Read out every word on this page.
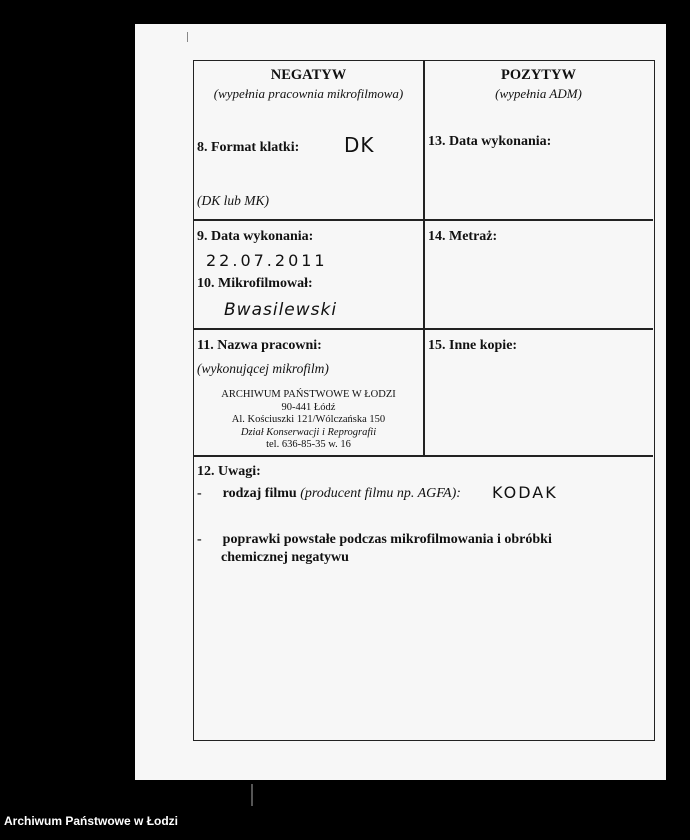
NEGATYW
(wypełnia pracownia mikrofilmowa)
8. Format klatki: DK
(DK lub MK)
POZYTYW
(wypełnia ADM)
13. Data wykonania:
9. Data wykonania:
22.07.2011
10. Mikrofilmował:
Bwasilewski
14. Metraż:
11. Nazwa pracowni:
(wykonującej mikrofilm)
ARCHIWUM PAŃSTWOWE W ŁODZI
90-441 Łódź
Al. Kościuszki 121/Wólczańska 150
Dział Konserwacji i Reprografii
tel. 636-85-35 w. 16
15. Inne kopie:
12. Uwagi:
- rodzaj filmu (producent filmu np. AGFA): KODAK
- poprawki powstałe podczas mikrofilmowania i obróbki
chemicznej negatywu
Archiwum Państwowe w Łodzi
